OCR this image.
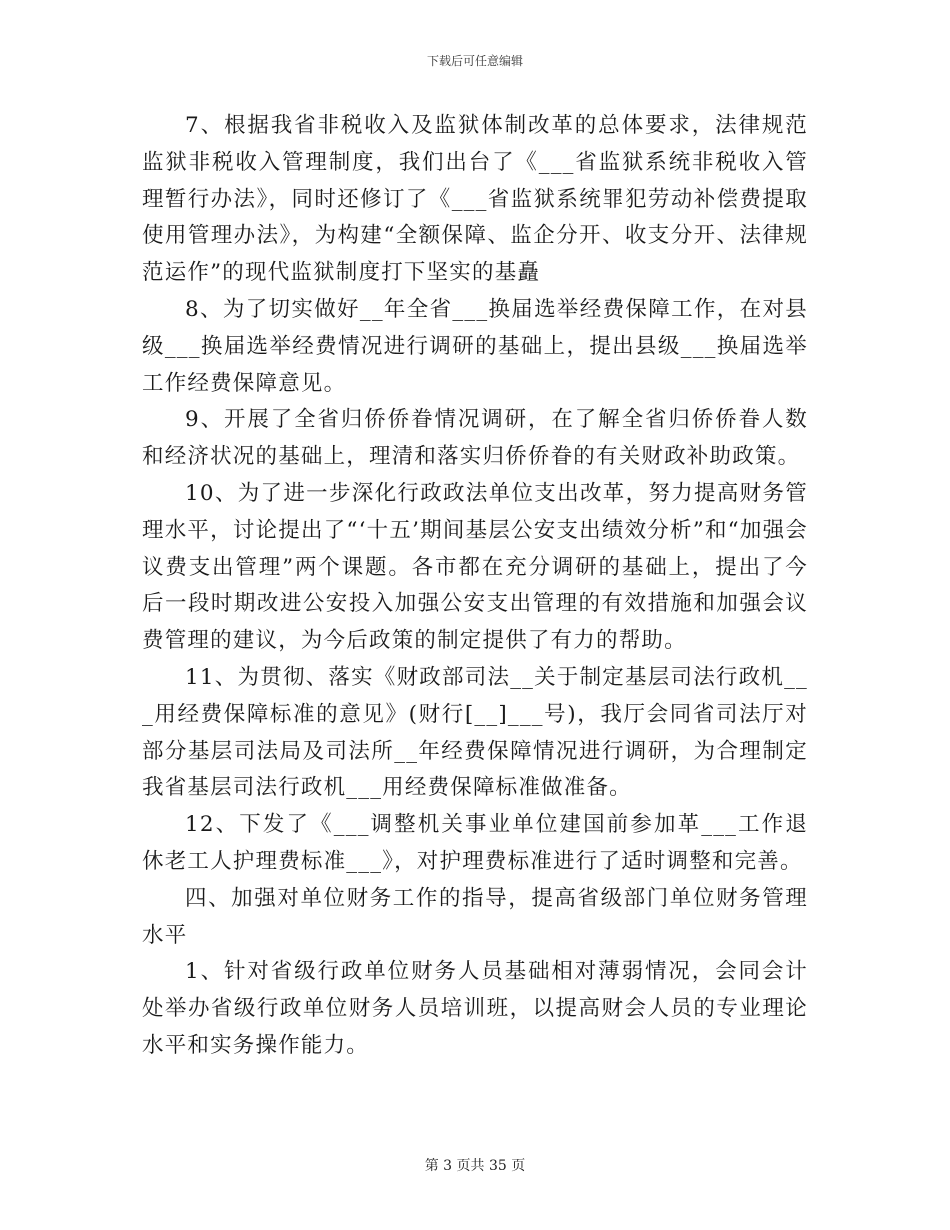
下载后可任意编辑

7、根据我省非税收入及监狱体制改革的总体要求，法律规范监狱非税收入管理制度，我们出台了《___省监狱系统非税收入管理暂行办法》，同时还修订了《___省监狱系统罪犯劳动补偿费提取使用管理办法》，为构建“全额保障、监企分开、收支分开、法律规范运作”的现代监狱制度打下坚实的基矗

8、为了切实做好__年全省___换届选举经费保障工作，在对县级___换届选举经费情况进行调研的基础上，提出县级___换届选举工作经费保障意见。

9、开展了全省归侨侨眷情况调研，在了解全省归侨侨眷人数和经济状况的基础上，理清和落实归侨侨眷的有关财政补助政策。

10、为了进一步深化行政政法单位支出改革，努力提高财务管理水平，讨论提出了“‘十五’期间基层公安支出绩效分析”和“加强会议费支出管理”两个课题。各市都在充分调研的基础上，提出了今后一段时期改进公安投入加强公安支出管理的有效措施和加强会议费管理的建议，为今后政策的制定提供了有力的帮助。

11、为贯彻、落实《财政部司法__关于制定基层司法行政机___用经费保障标准的意见》(财行[__]___号)，我厅会同省司法厅对部分基层司法局及司法所__年经费保障情况进行调研，为合理制定我省基层司法行政机___用经费保障标准做准备。

12、下发了《___调整机关事业单位建国前参加革___工作退休老工人护理费标准___》，对护理费标准进行了适时调整和完善。

四、加强对单位财务工作的指导，提高省级部门单位财务管理水平

1、针对省级行政单位财务人员基础相对薄弱情况，会同会计处举办省级行政单位财务人员培训班，以提高财会人员的专业理论水平和实务操作能力。

第 3 页共 35 页
